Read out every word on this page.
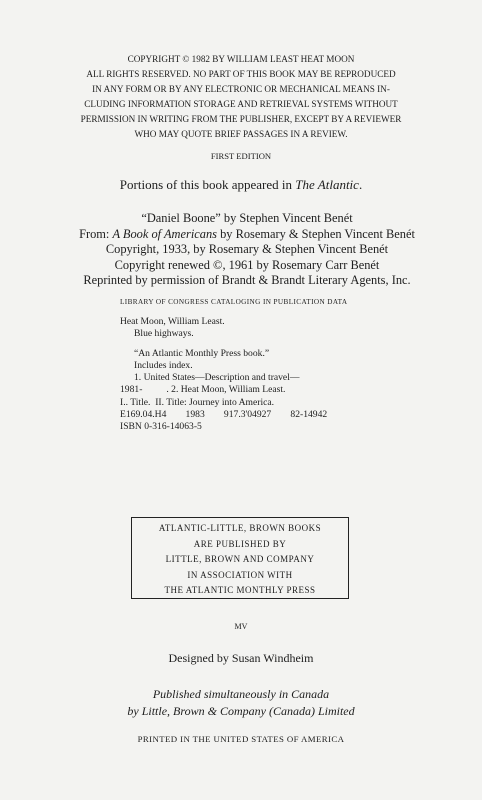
COPYRIGHT © 1982 BY WILLIAM LEAST HEAT MOON
ALL RIGHTS RESERVED. NO PART OF THIS BOOK MAY BE REPRODUCED
IN ANY FORM OR BY ANY ELECTRONIC OR MECHANICAL MEANS IN-
CLUDING INFORMATION STORAGE AND RETRIEVAL SYSTEMS WITHOUT
PERMISSION IN WRITING FROM THE PUBLISHER, EXCEPT BY A REVIEWER
WHO MAY QUOTE BRIEF PASSAGES IN A REVIEW.
FIRST EDITION
Portions of this book appeared in The Atlantic.
“Daniel Boone” by Stephen Vincent Benét
From: A Book of Americans by Rosemary & Stephen Vincent Benét
Copyright, 1933, by Rosemary & Stephen Vincent Benét
Copyright renewed ©, 1961 by Rosemary Carr Benét
Reprinted by permission of Brandt & Brandt Literary Agents, Inc.
LIBRARY OF CONGRESS CATALOGING IN PUBLICATION DATA
Heat Moon, William Least.
Blue highways.
“An Atlantic Monthly Press book.”
Includes index.
1. United States—Description and travel—
1981-          . 2. Heat Moon, William Least.
I.. Title.  II. Title: Journey into America.
E169.04.H4        1983        917.3'04927        82-14942
ISBN 0-316-14063-5
ATLANTIC-LITTLE, BROWN BOOKS
ARE PUBLISHED BY
LITTLE, BROWN AND COMPANY
IN ASSOCIATION WITH
THE ATLANTIC MONTHLY PRESS
MV
Designed by Susan Windheim
Published simultaneously in Canada
by Little, Brown & Company (Canada) Limited
PRINTED IN THE UNITED STATES OF AMERICA
